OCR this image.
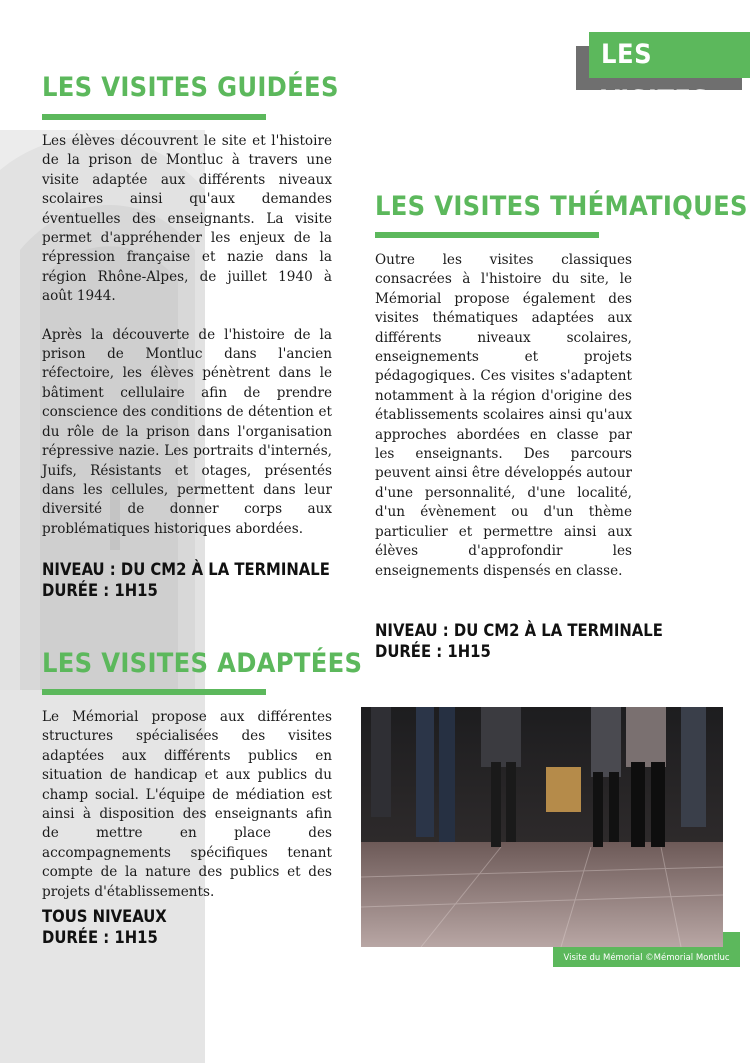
LES VISITES
LES VISITES GUIDÉES

Les élèves découvrent le site et l'histoire de la prison de Montluc à travers une visite adaptée aux différents niveaux scolaires ainsi qu'aux demandes éventuelles des enseignants. La visite permet d'appréhender les enjeux de la répression française et nazie dans la région Rhône-Alpes, de juillet 1940 à août 1944.

Après la découverte de l'histoire de la prison de Montluc dans l'ancien réfectoire, les élèves pénètrent dans le bâtiment cellulaire afin de prendre conscience des conditions de détention et du rôle de la prison dans l'organisation répressive nazie. Les portraits d'internés, Juifs, Résistants et otages, présentés dans les cellules, permettent dans leur diversité de donner corps aux problématiques historiques abordées.

NIVEAU : DU CM2 À LA TERMINALE
DURÉE : 1H15
LES VISITES THÉMATIQUES

Outre les visites classiques consacrées à l'histoire du site, le Mémorial propose également des visites thématiques adaptées aux différents niveaux scolaires, enseignements et projets pédagogiques. Ces visites s'adaptent notamment à la région d'origine des établissements scolaires ainsi qu'aux approches abordées en classe par les enseignants. Des parcours peuvent ainsi être développés autour d'une personnalité, d'une localité, d'un évènement ou d'un thème particulier et permettre ainsi aux élèves d'approfondir les enseignements dispensés en classe.

NIVEAU : DU CM2 À LA TERMINALE
DURÉE : 1H15
LES VISITES ADAPTÉES

Le Mémorial propose aux différentes structures spécialisées des visites adaptées aux différents publics en situation de handicap et aux publics du champ social. L'équipe de médiation est ainsi à disposition des enseignants afin de mettre en place des accompagnements spécifiques tenant compte de la nature des publics et des projets d'établissements.

TOUS NIVEAUX
DURÉE : 1H15
Visite du Mémorial ©Mémorial Montluc
